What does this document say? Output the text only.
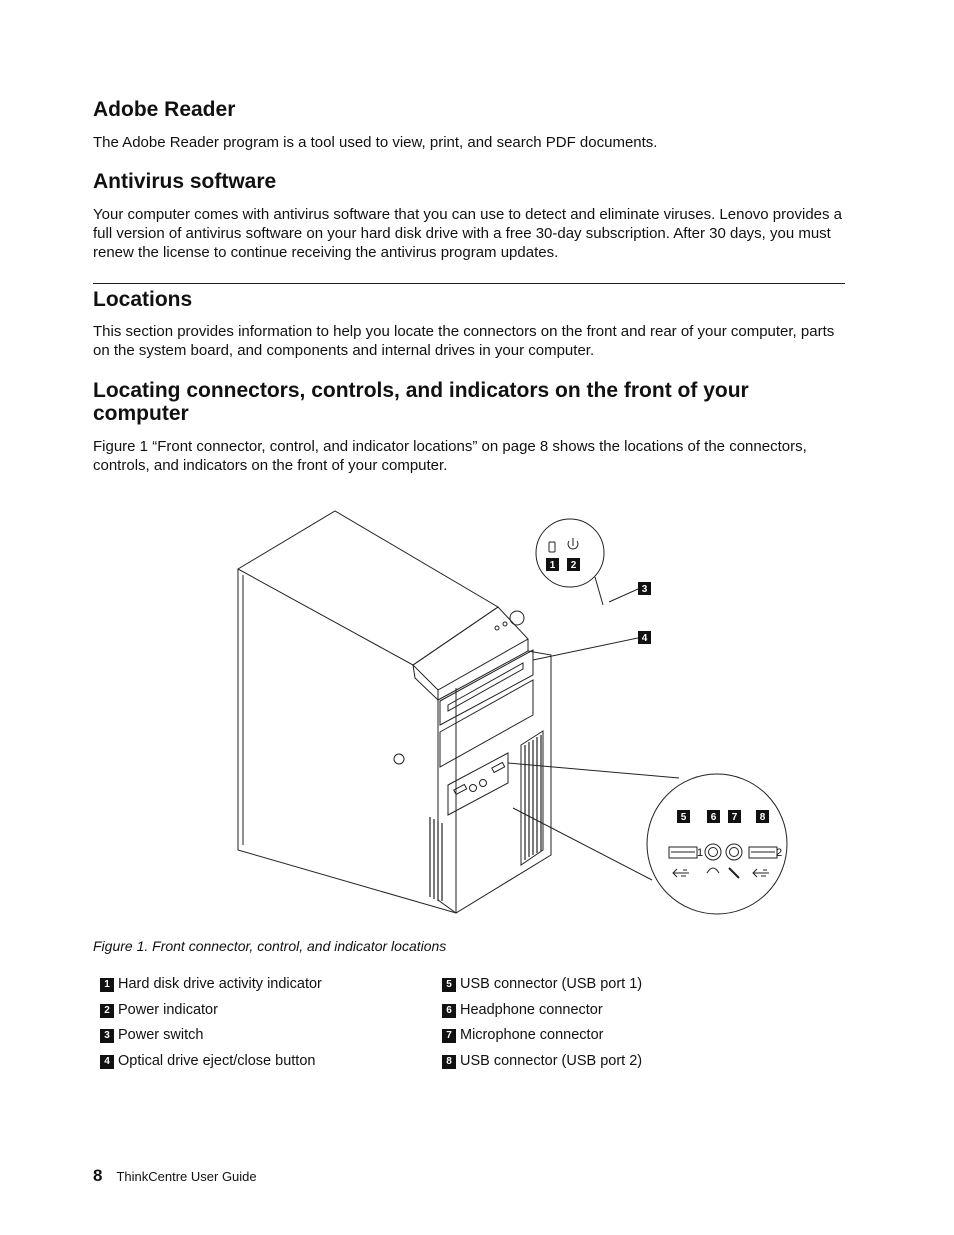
Adobe Reader

The Adobe Reader program is a tool used to view, print, and search PDF documents.

Antivirus software

Your computer comes with antivirus software that you can use to detect and eliminate viruses. Lenovo provides a full version of antivirus software on your hard disk drive with a free 30-day subscription. After 30 days, you must renew the license to continue receiving the antivirus program updates.

Locations

This section provides information to help you locate the connectors on the front and rear of your computer, parts on the system board, and components and internal drives in your computer.

Locating connectors, controls, and indicators on the front of your computer

Figure 1 “Front connector, control, and indicator locations” on page 8 shows the locations of the connectors, controls, and indicators on the front of your computer.

1 2
3
4
5 6 7 8
1	2
Figure 1. Front connector, control, and indicator locations
1 Hard disk drive activity indicator
2 Power indicator
3 Power switch
4 Optical drive eject/close button
5 USB connector (USB port 1)
6 Headphone connector
7 Microphone connector
8 USB connector (USB port 2)
8 ThinkCentre User Guide
